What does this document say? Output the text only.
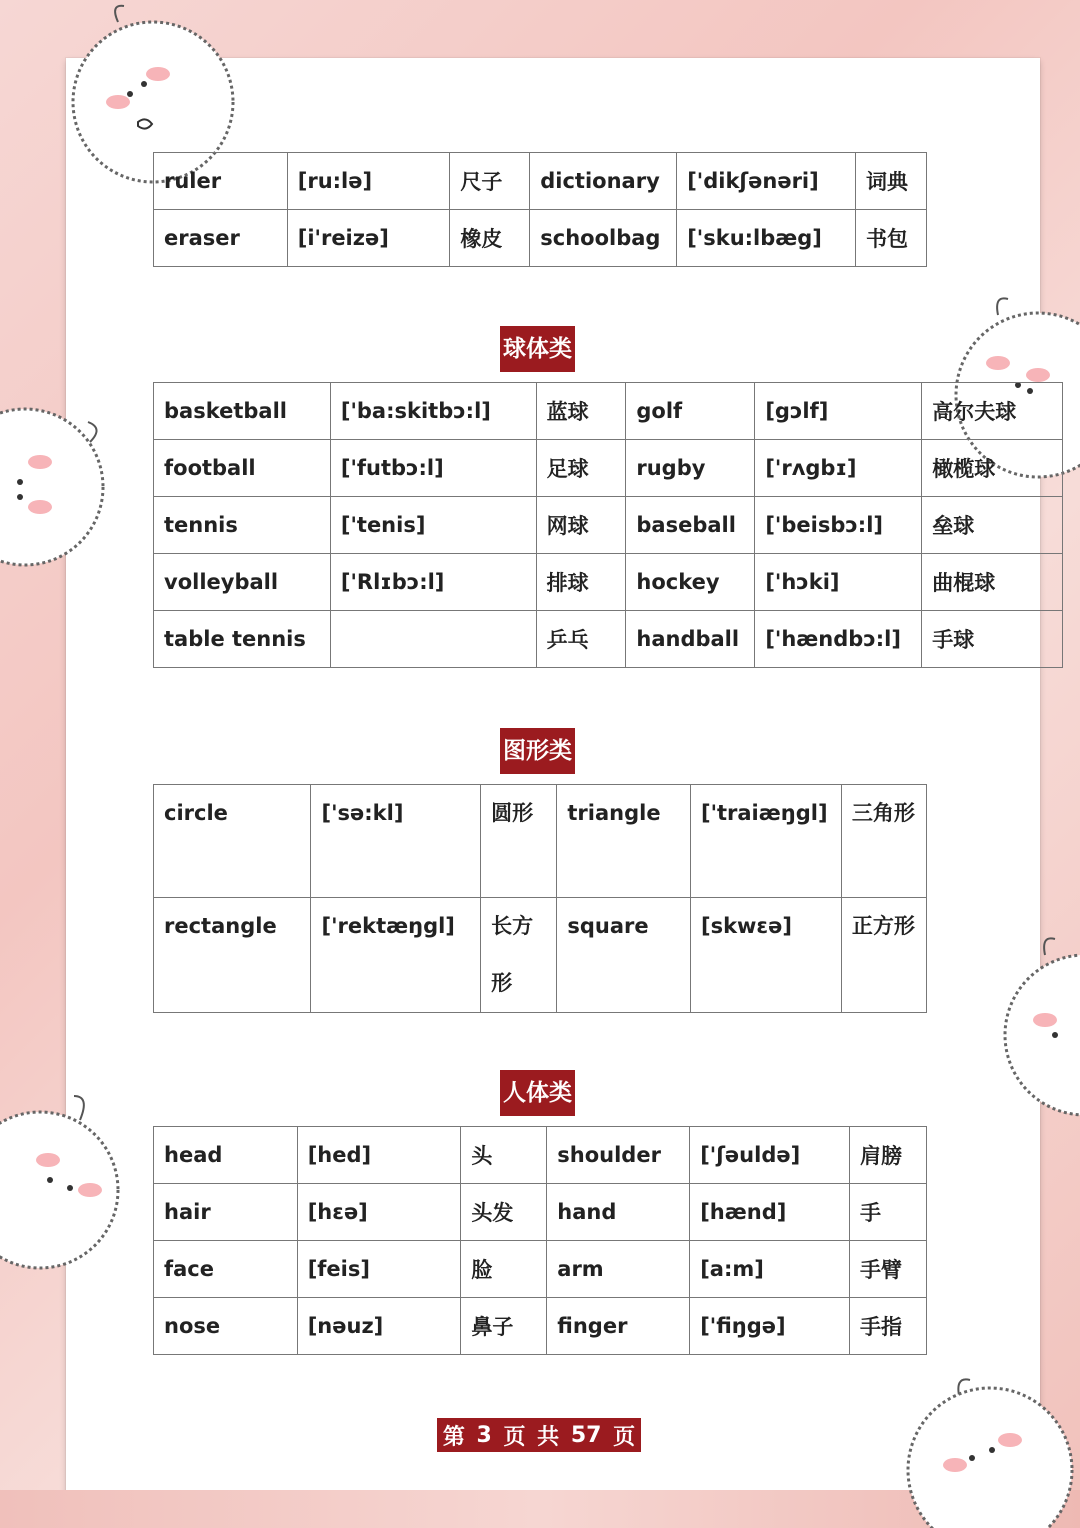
ruler	[ru:lə]	尺子	dictionary	['dikʃənəri]	词典
eraser	[i'reizə]	橡皮	schoolbag	['sku:lbæg]	书包
球体类
basketball	['ba:skitbɔ:l]	蓝球	golf	[gɔlf]	高尔夫球
football	['futbɔ:l]	足球	rugby	['rʌgbɪ]	橄榄球
tennis	['tenis]	网球	baseball	['beisbɔ:l]	垒球
volleyball	['Rlɪbɔ:l]	排球	hockey	['hɔki]	曲棍球
table tennis		乒乓	handball	['hændbɔ:l]	手球
图形类
circle	['sə:kl]	圆形	triangle	['traiæŋgl]	三角形
rectangle	['rektæŋgl]	长方形	square	[skwɛə]	正方形
人体类
head	[hed]	头	shoulder	['ʃəuldə]	肩膀
hair	[hɛə]	头发	hand	[hænd]	手
face	[feis]	脸	arm	[a:m]	手臂
nose	[nəuz]	鼻子	finger	['fiŋgə]	手指
第 3 页 共 57 页
